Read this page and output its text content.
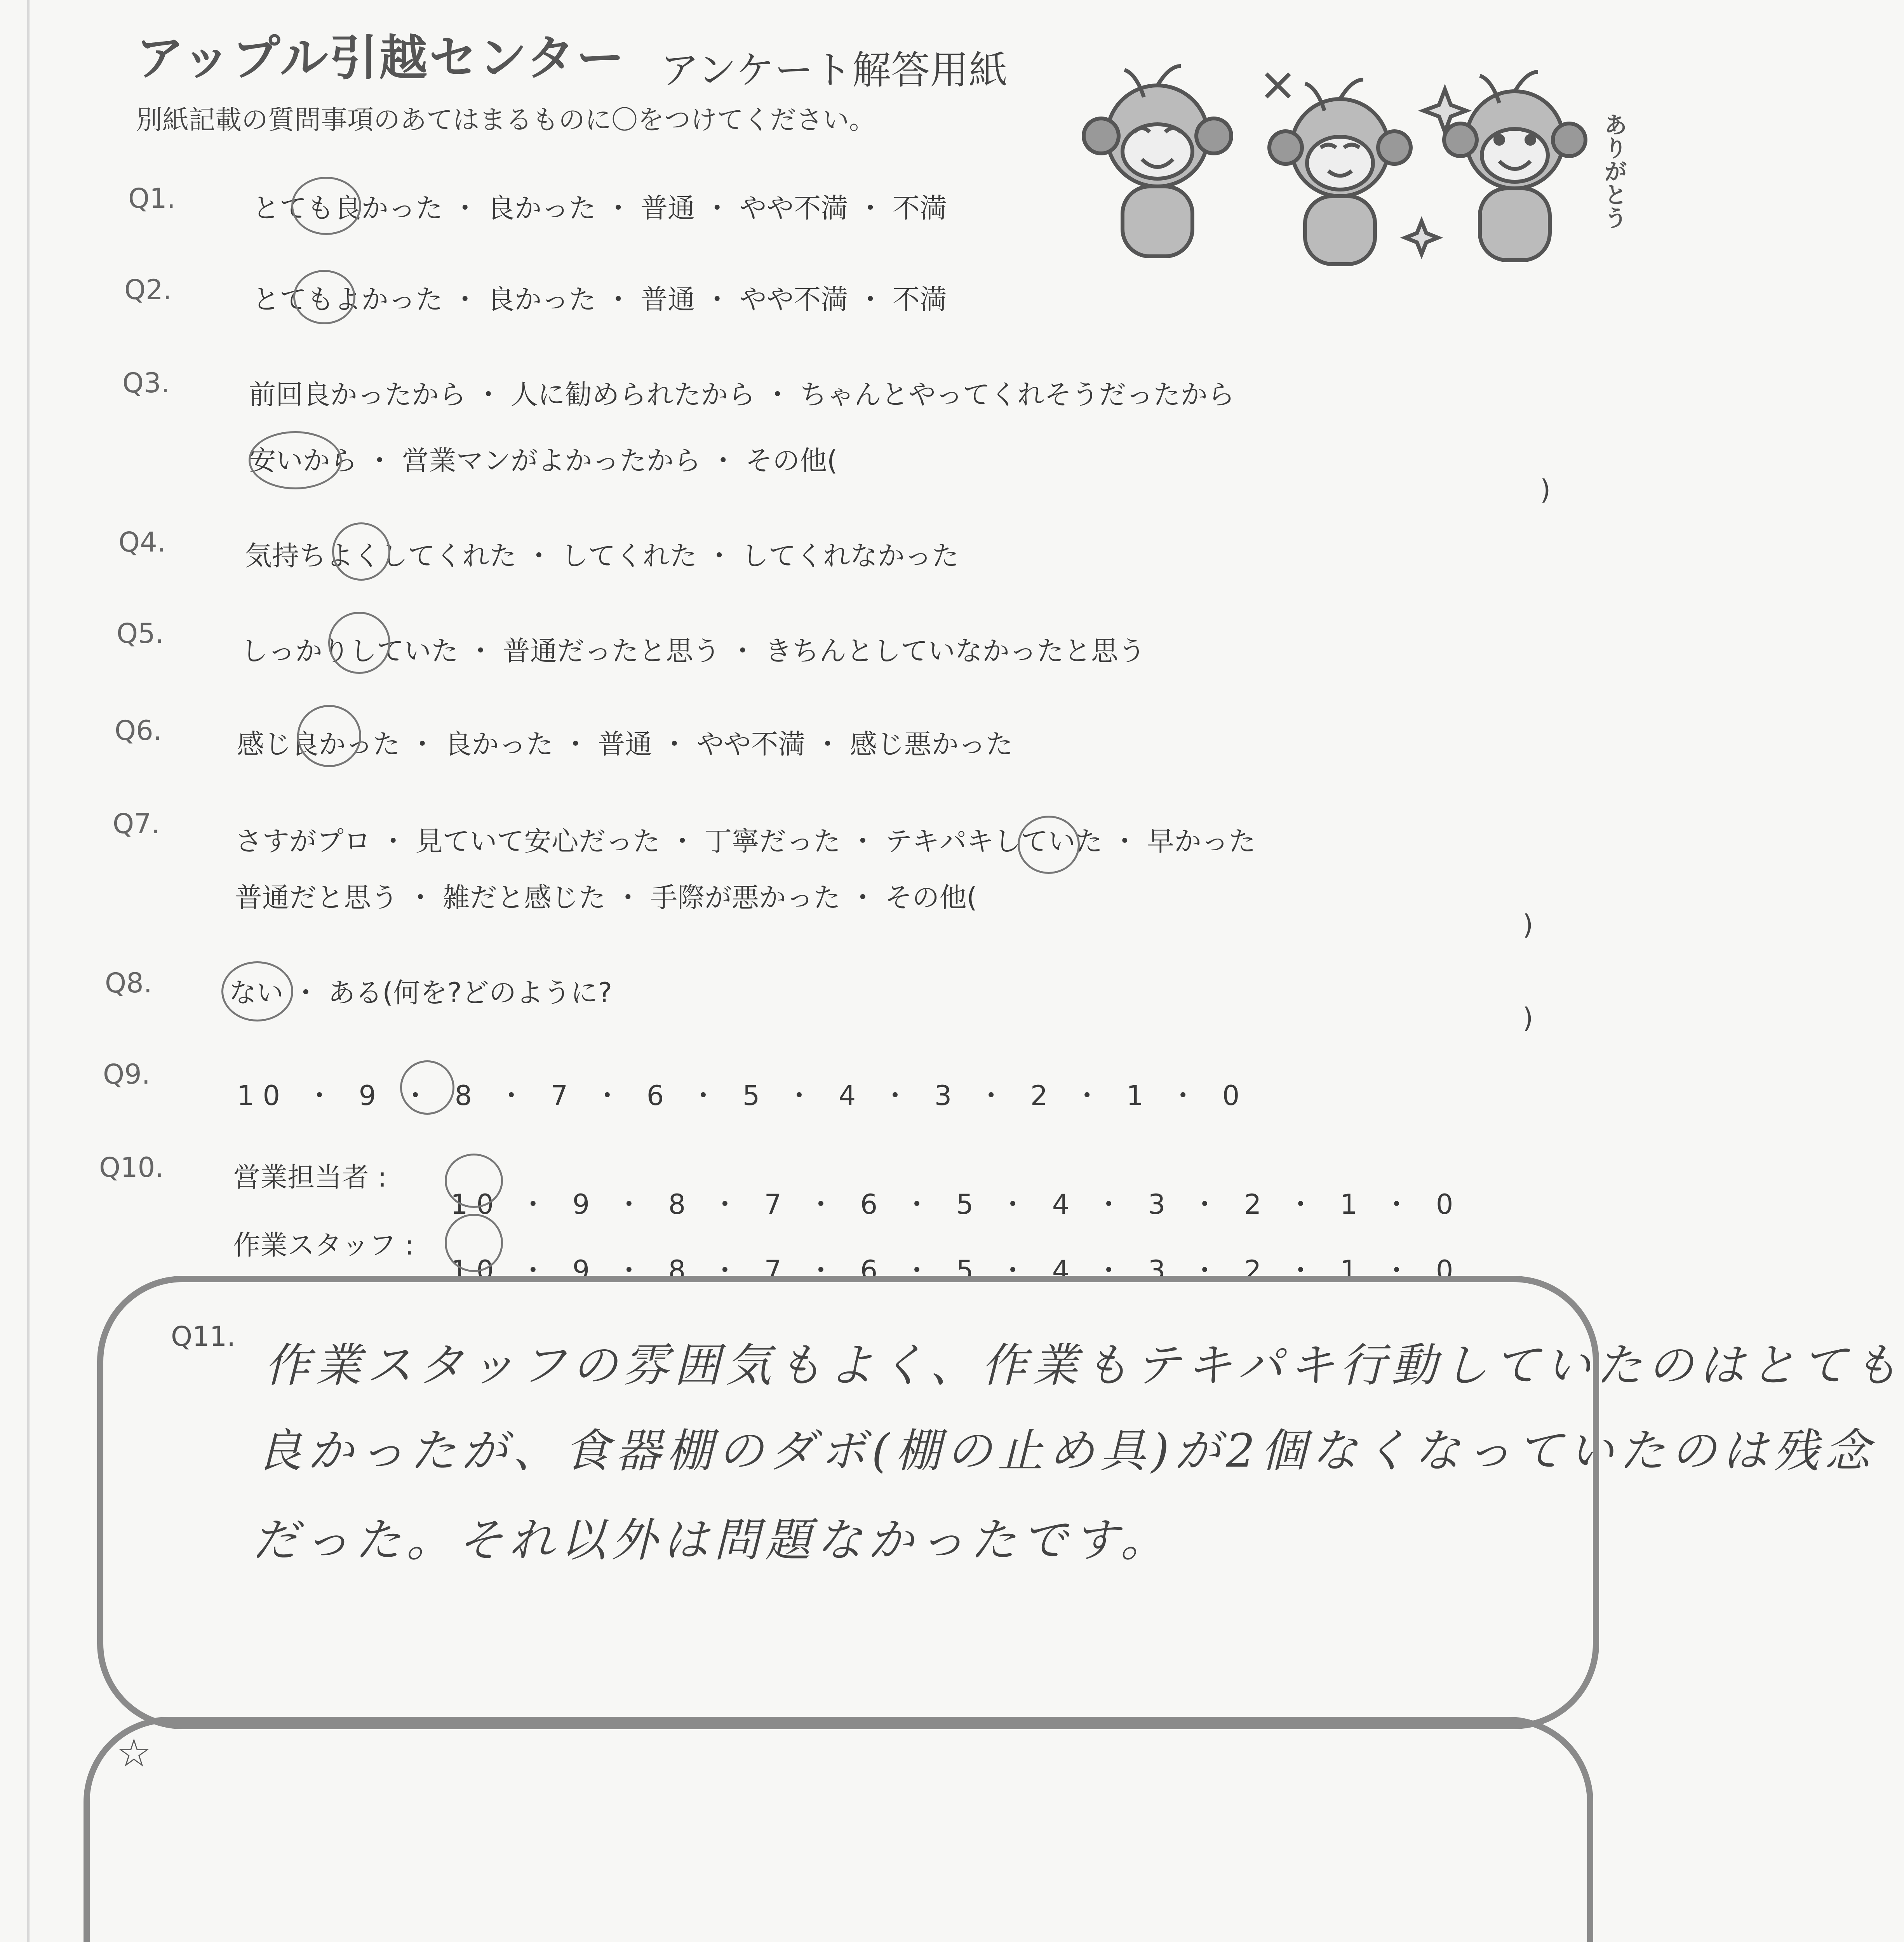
アップル引越センター アンケート解答用紙
別紙記載の質問事項のあてはまるものに〇をつけてください。	ありがとう
Q1.	とても良かった ・ 良かった ・ 普通 ・ やや不満 ・ 不満
Q2.	とてもよかった ・ 良かった ・ 普通 ・ やや不満 ・ 不満
Q3.	前回良かったから ・ 人に勧められたから ・ ちゃんとやってくれそうだったから
安いから ・ 営業マンがよかったから ・ その他(
)
Q4.	気持ちよくしてくれた ・ してくれた ・ してくれなかった
Q5.
しっかりしていた ・ 普通だったと思う ・ きちんとしていなかったと思う
Q6.	感じ良かった ・ 良かった ・ 普通 ・ やや不満 ・ 感じ悪かった
Q7.
さすがプロ ・ 見ていて安心だった ・ 丁寧だった ・ テキパキしていた ・ 早かった
普通だと思う ・ 雑だと感じた ・ 手際が悪かった ・ その他(
)
Q8.	ない ・ ある(何を?どのように?
)
Q9.
10 ・ 9 ・ 8 ・ 7 ・ 6 ・ 5 ・ 4 ・ 3 ・ 2 ・ 1 ・ 0
Q10.	営業担当者 :
10 ・ 9 ・ 8 ・ 7 ・ 6 ・ 5 ・ 4 ・ 3 ・ 2 ・ 1 ・ 0
作業スタッフ :
10 ・ 9 ・ 8 ・ 7 ・ 6 ・ 5 ・ 4 ・ 3 ・ 2 ・ 1 ・ 0
Q11.
作業スタッフの雰囲気もよく、作業もテキパキ行動していたのはとても
良かったが、食器棚のダボ(棚の止め具)が2個なくなっていたのは残念
だった。それ以外は問題なかったです。
☆
